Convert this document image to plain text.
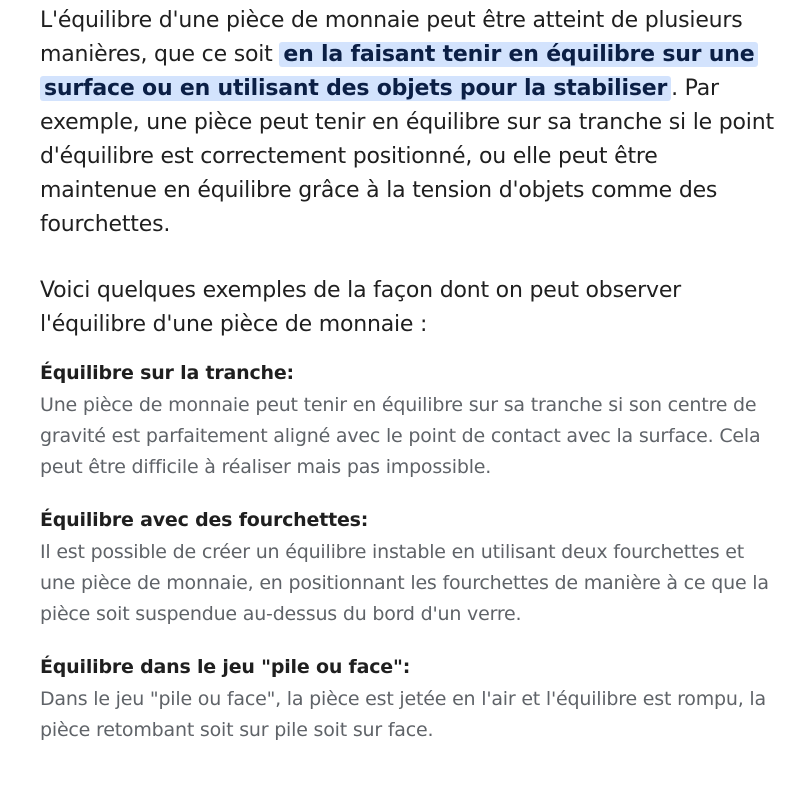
L'équilibre d'une pièce de monnaie peut être atteint de plusieurs manières, que ce soit en la faisant tenir en équilibre sur une surface ou en utilisant des objets pour la stabiliser . Par exemple, une pièce peut tenir en équilibre sur sa tranche si le point d'équilibre est correctement positionné, ou elle peut être maintenue en équilibre grâce à la tension d'objets comme des fourchettes.

Voici quelques exemples de la façon dont on peut observer l'équilibre d'une pièce de monnaie :

Équilibre sur la tranche:

Une pièce de monnaie peut tenir en équilibre sur sa tranche si son centre de gravité est parfaitement aligné avec le point de contact avec la surface. Cela peut être difficile à réaliser mais pas impossible.

Équilibre avec des fourchettes:

Il est possible de créer un équilibre instable en utilisant deux fourchettes et une pièce de monnaie, en positionnant les fourchettes de manière à ce que la pièce soit suspendue au-dessus du bord d'un verre.

Équilibre dans le jeu "pile ou face":

Dans le jeu "pile ou face", la pièce est jetée en l'air et l'équilibre est rompu, la pièce retombant soit sur pile soit sur face.
